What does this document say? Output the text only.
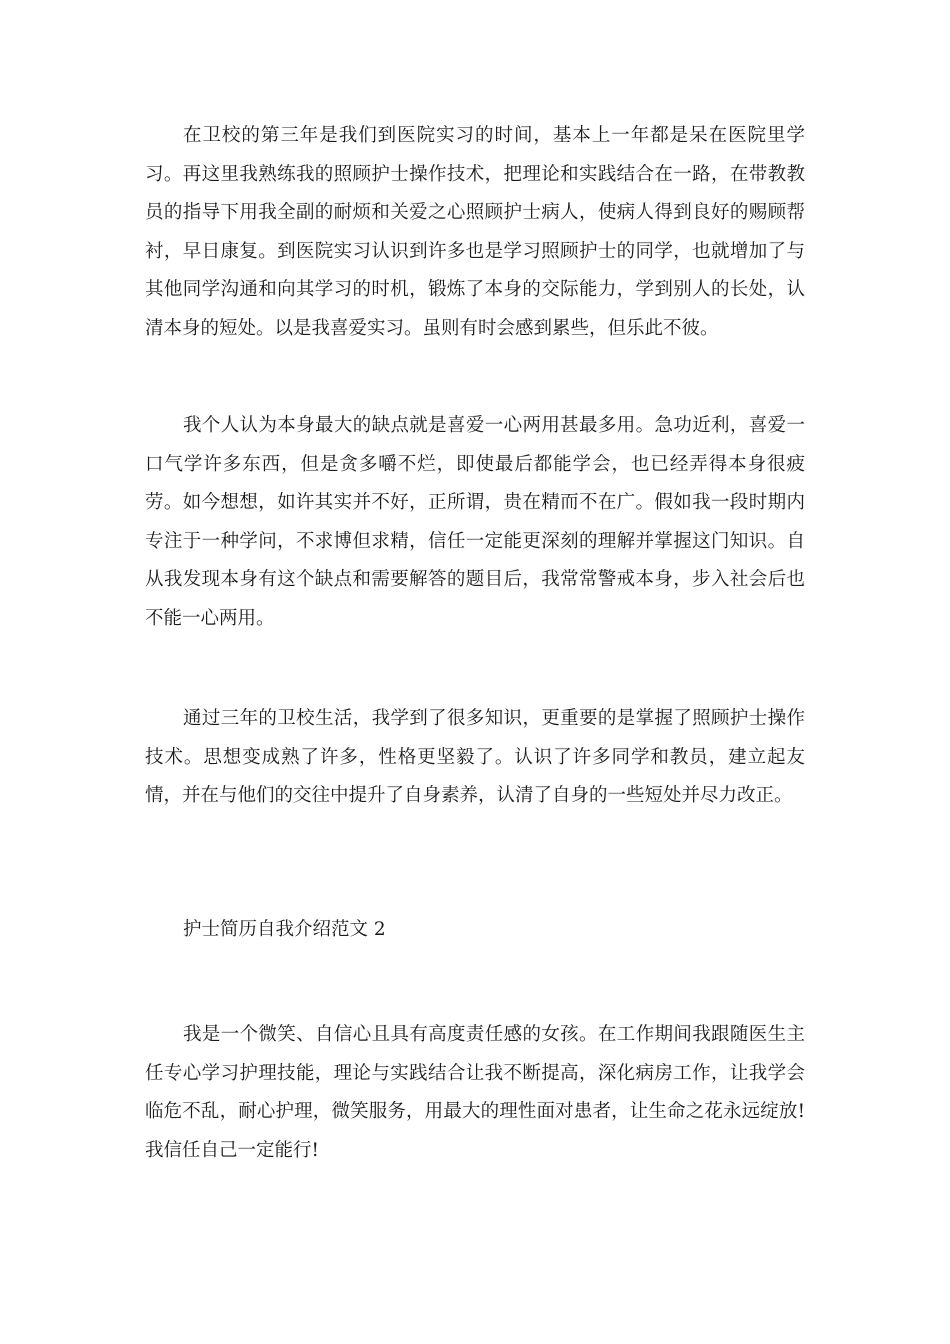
在卫校的第三年是我们到医院实习的时间，基本上一年都是呆在医院里学习。再这里我熟练我的照顾护士操作技术，把理论和实践结合在一路，在带教教员的指导下用我全副的耐烦和关爱之心照顾护士病人，使病人得到良好的赐顾帮衬，早日康复。到医院实习认识到许多也是学习照顾护士的同学，也就增加了与其他同学沟通和向其学习的时机，锻炼了本身的交际能力，学到别人的长处，认清本身的短处。以是我喜爱实习。虽则有时会感到累些，但乐此不彼。

我个人认为本身最大的缺点就是喜爱一心两用甚最多用。急功近利，喜爱一口气学许多东西，但是贪多嚼不烂，即使最后都能学会，也已经弄得本身很疲劳。如今想想，如许其实并不好，正所谓，贵在精而不在广。假如我一段时期内专注于一种学问，不求博但求精，信任一定能更深刻的理解并掌握这门知识。自从我发现本身有这个缺点和需要解答的题目后，我常常警戒本身，步入社会后也不能一心两用。

通过三年的卫校生活，我学到了很多知识，更重要的是掌握了照顾护士操作技术。思想变成熟了许多，性格更坚毅了。认识了许多同学和教员，建立起友情，并在与他们的交往中提升了自身素养，认清了自身的一些短处并尽力改正。

护士简历自我介绍范文 2

我是一个微笑、自信心且具有高度责任感的女孩。在工作期间我跟随医生主任专心学习护理技能，理论与实践结合让我不断提高，深化病房工作，让我学会临危不乱，耐心护理，微笑服务，用最大的理性面对患者，让生命之花永远绽放!我信任自己一定能行!
